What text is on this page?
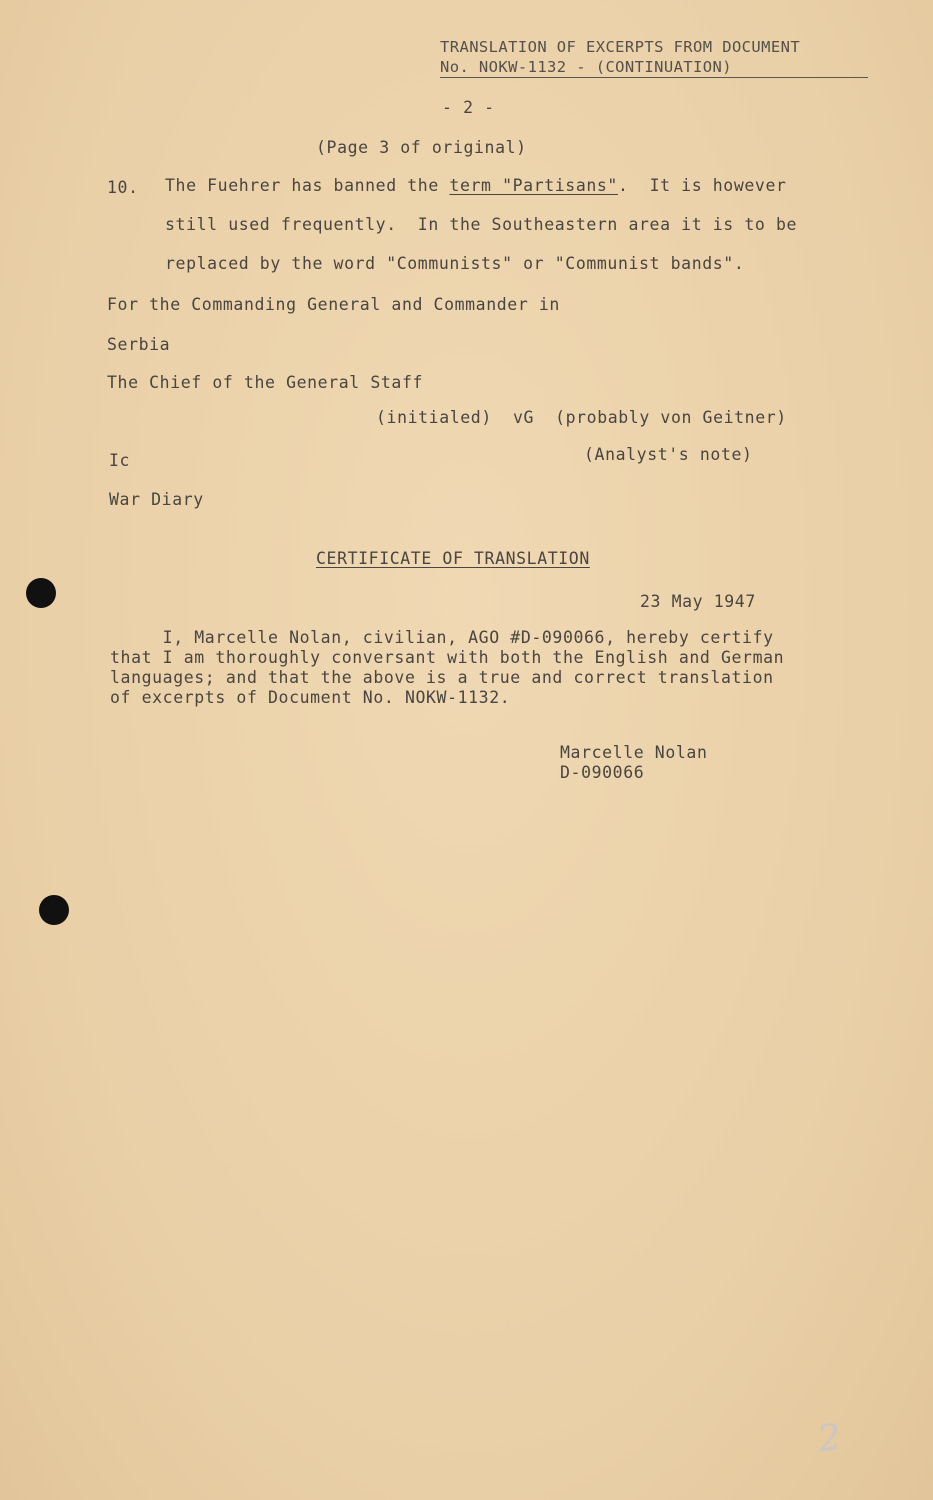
TRANSLATION OF EXCERPTS FROM DOCUMENT
No. NOKW-1132 - (CONTINUATION)
- 2 -
(Page 3 of original)
10. The Fuehrer has banned the term "Partisans".  It is however
still used frequently.  In the Southeastern area it is to be
replaced by the word "Communists" or "Communist bands".
For the Commanding General and Commander in
Serbia
The Chief of the General Staff
(initialed)  vG  (probably von Geitner)
(Analyst's note)
Ic
War Diary
CERTIFICATE OF TRANSLATION
23 May 1947
I, Marcelle Nolan, civilian, AGO #D-090066, hereby certify
that I am thoroughly conversant with both the English and German
languages; and that the above is a true and correct translation
of excerpts of Document No. NOKW-1132.
Marcelle Nolan
D-090066
2
